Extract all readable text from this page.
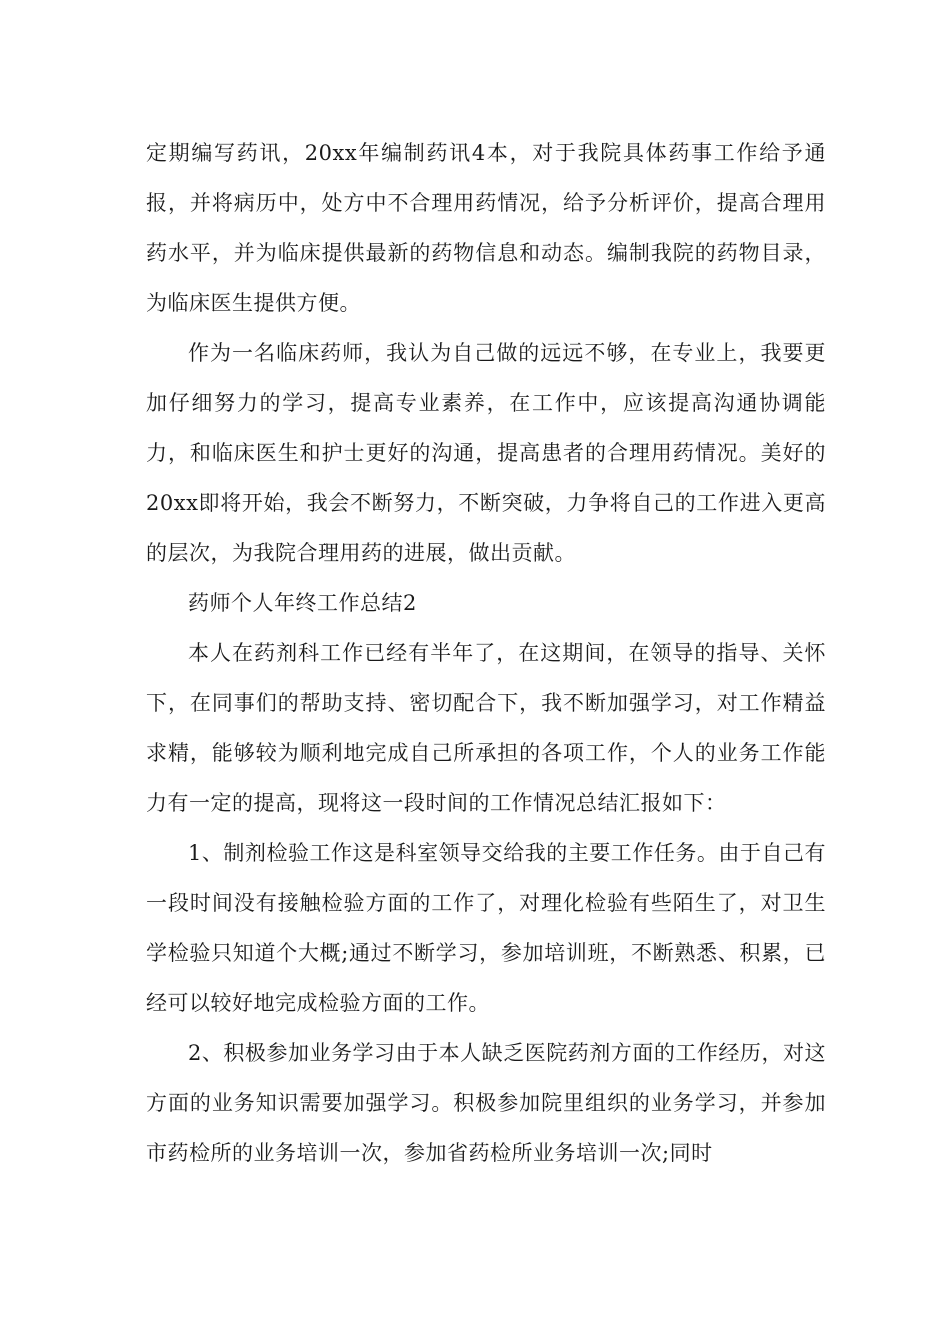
定期编写药讯，20xx年编制药讯4本，对于我院具体药事工作给予通报，并将病历中，处方中不合理用药情况，给予分析评价，提高合理用药水平，并为临床提供最新的药物信息和动态。编制我院的药物目录，为临床医生提供方便。

作为一名临床药师，我认为自己做的远远不够，在专业上，我要更加仔细努力的学习，提高专业素养，在工作中，应该提高沟通协调能力，和临床医生和护士更好的沟通，提高患者的合理用药情况。美好的20xx即将开始，我会不断努力，不断突破，力争将自己的工作进入更高的层次，为我院合理用药的进展，做出贡献。

药师个人年终工作总结2

本人在药剂科工作已经有半年了，在这期间，在领导的指导、关怀下，在同事们的帮助支持、密切配合下，我不断加强学习，对工作精益求精，能够较为顺利地完成自己所承担的各项工作，个人的业务工作能力有一定的提高，现将这一段时间的工作情况总结汇报如下：

1、制剂检验工作这是科室领导交给我的主要工作任务。由于自己有一段时间没有接触检验方面的工作了，对理化检验有些陌生了，对卫生学检验只知道个大概;通过不断学习，参加培训班，不断熟悉、积累，已经可以较好地完成检验方面的工作。

2、积极参加业务学习由于本人缺乏医院药剂方面的工作经历，对这方面的业务知识需要加强学习。积极参加院里组织的业务学习，并参加市药检所的业务培训一次，参加省药检所业务培训一次;同时
